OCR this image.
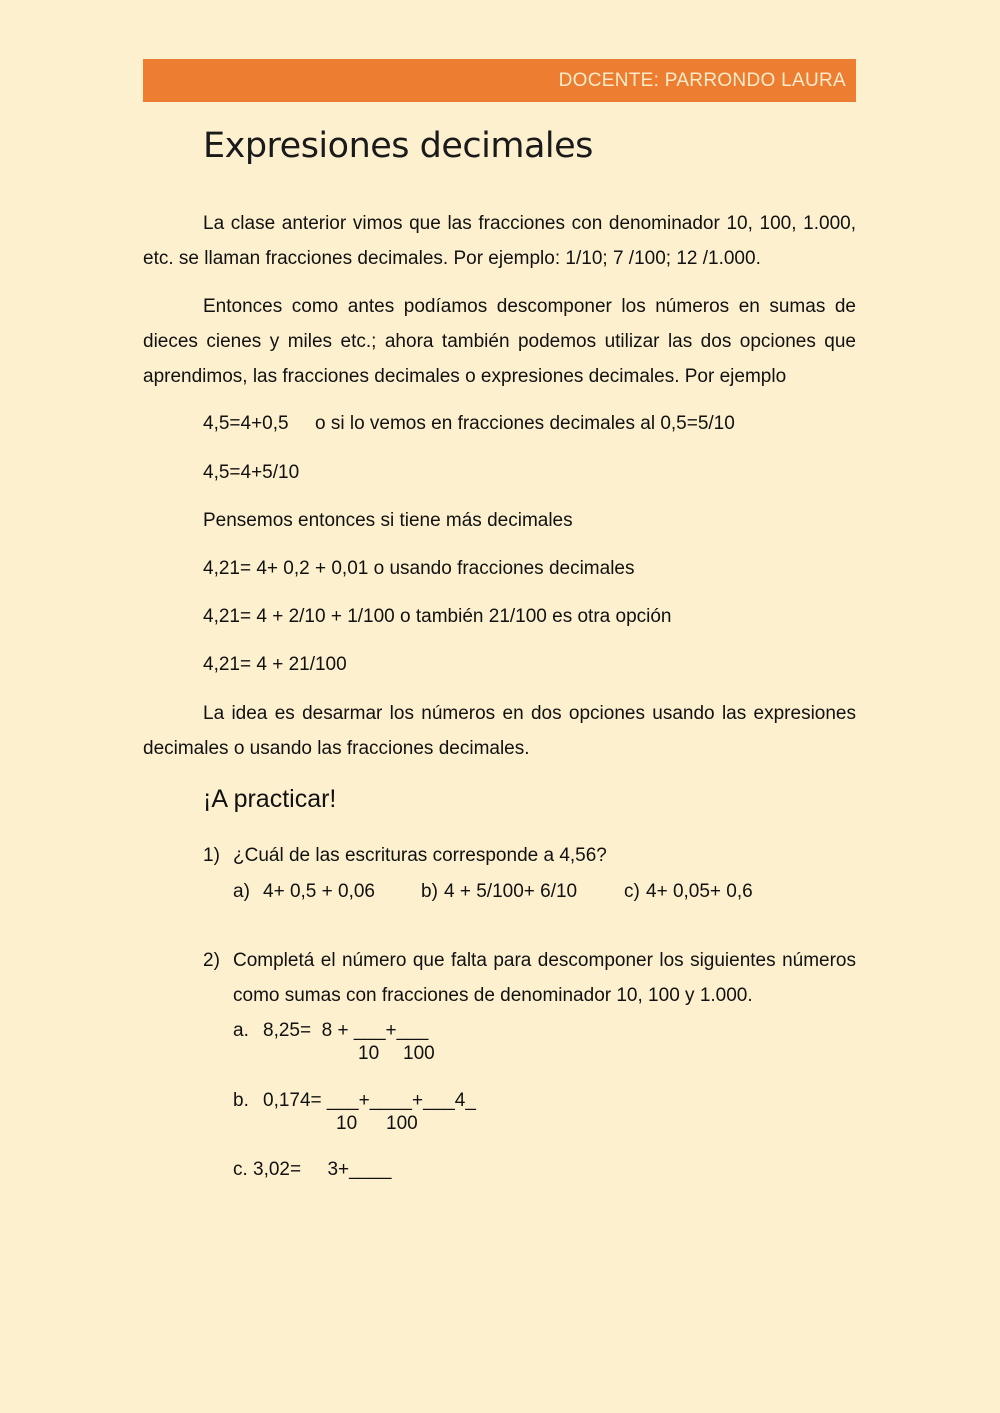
DOCENTE: PARRONDO LAURA
Expresiones decimales

La clase anterior vimos que las fracciones con denominador 10, 100, 1.000, etc. se llaman fracciones decimales. Por ejemplo: 1/10; 7 /100; 12 /1.000.

Entonces como antes podíamos descomponer los números en sumas de dieces cienes y miles etc.; ahora también podemos utilizar las dos opciones que aprendimos, las fracciones decimales o expresiones decimales. Por ejemplo

4,5=4+0,5 o si lo vemos en fracciones decimales al 0,5=5/10
4,5=4+5/10
Pensemos entonces si tiene más decimales
4,21= 4+ 0,2 + 0,01 o usando fracciones decimales
4,21= 4 + 2/10 + 1/100 o también 21/100 es otra opción
4,21= 4 + 21/100

La idea es desarmar los números en dos opciones usando las expresiones decimales o usando las fracciones decimales.

¡A practicar!
1) ¿Cuál de las escrituras corresponde a 4,56?
a) 4+ 0,5 + 0,06 b) 4 + 5/100+ 6/10 c) 4+ 0,05+ 0,6
2) Completá el número que falta para descomponer los siguientes números como sumas con fracciones de denominador 10, 100 y 1.000.

a. 8,25=  8 + ___+___
10 100
b. 0,174= ___+____+___4_
10 100
c. 3,02=     3+____
